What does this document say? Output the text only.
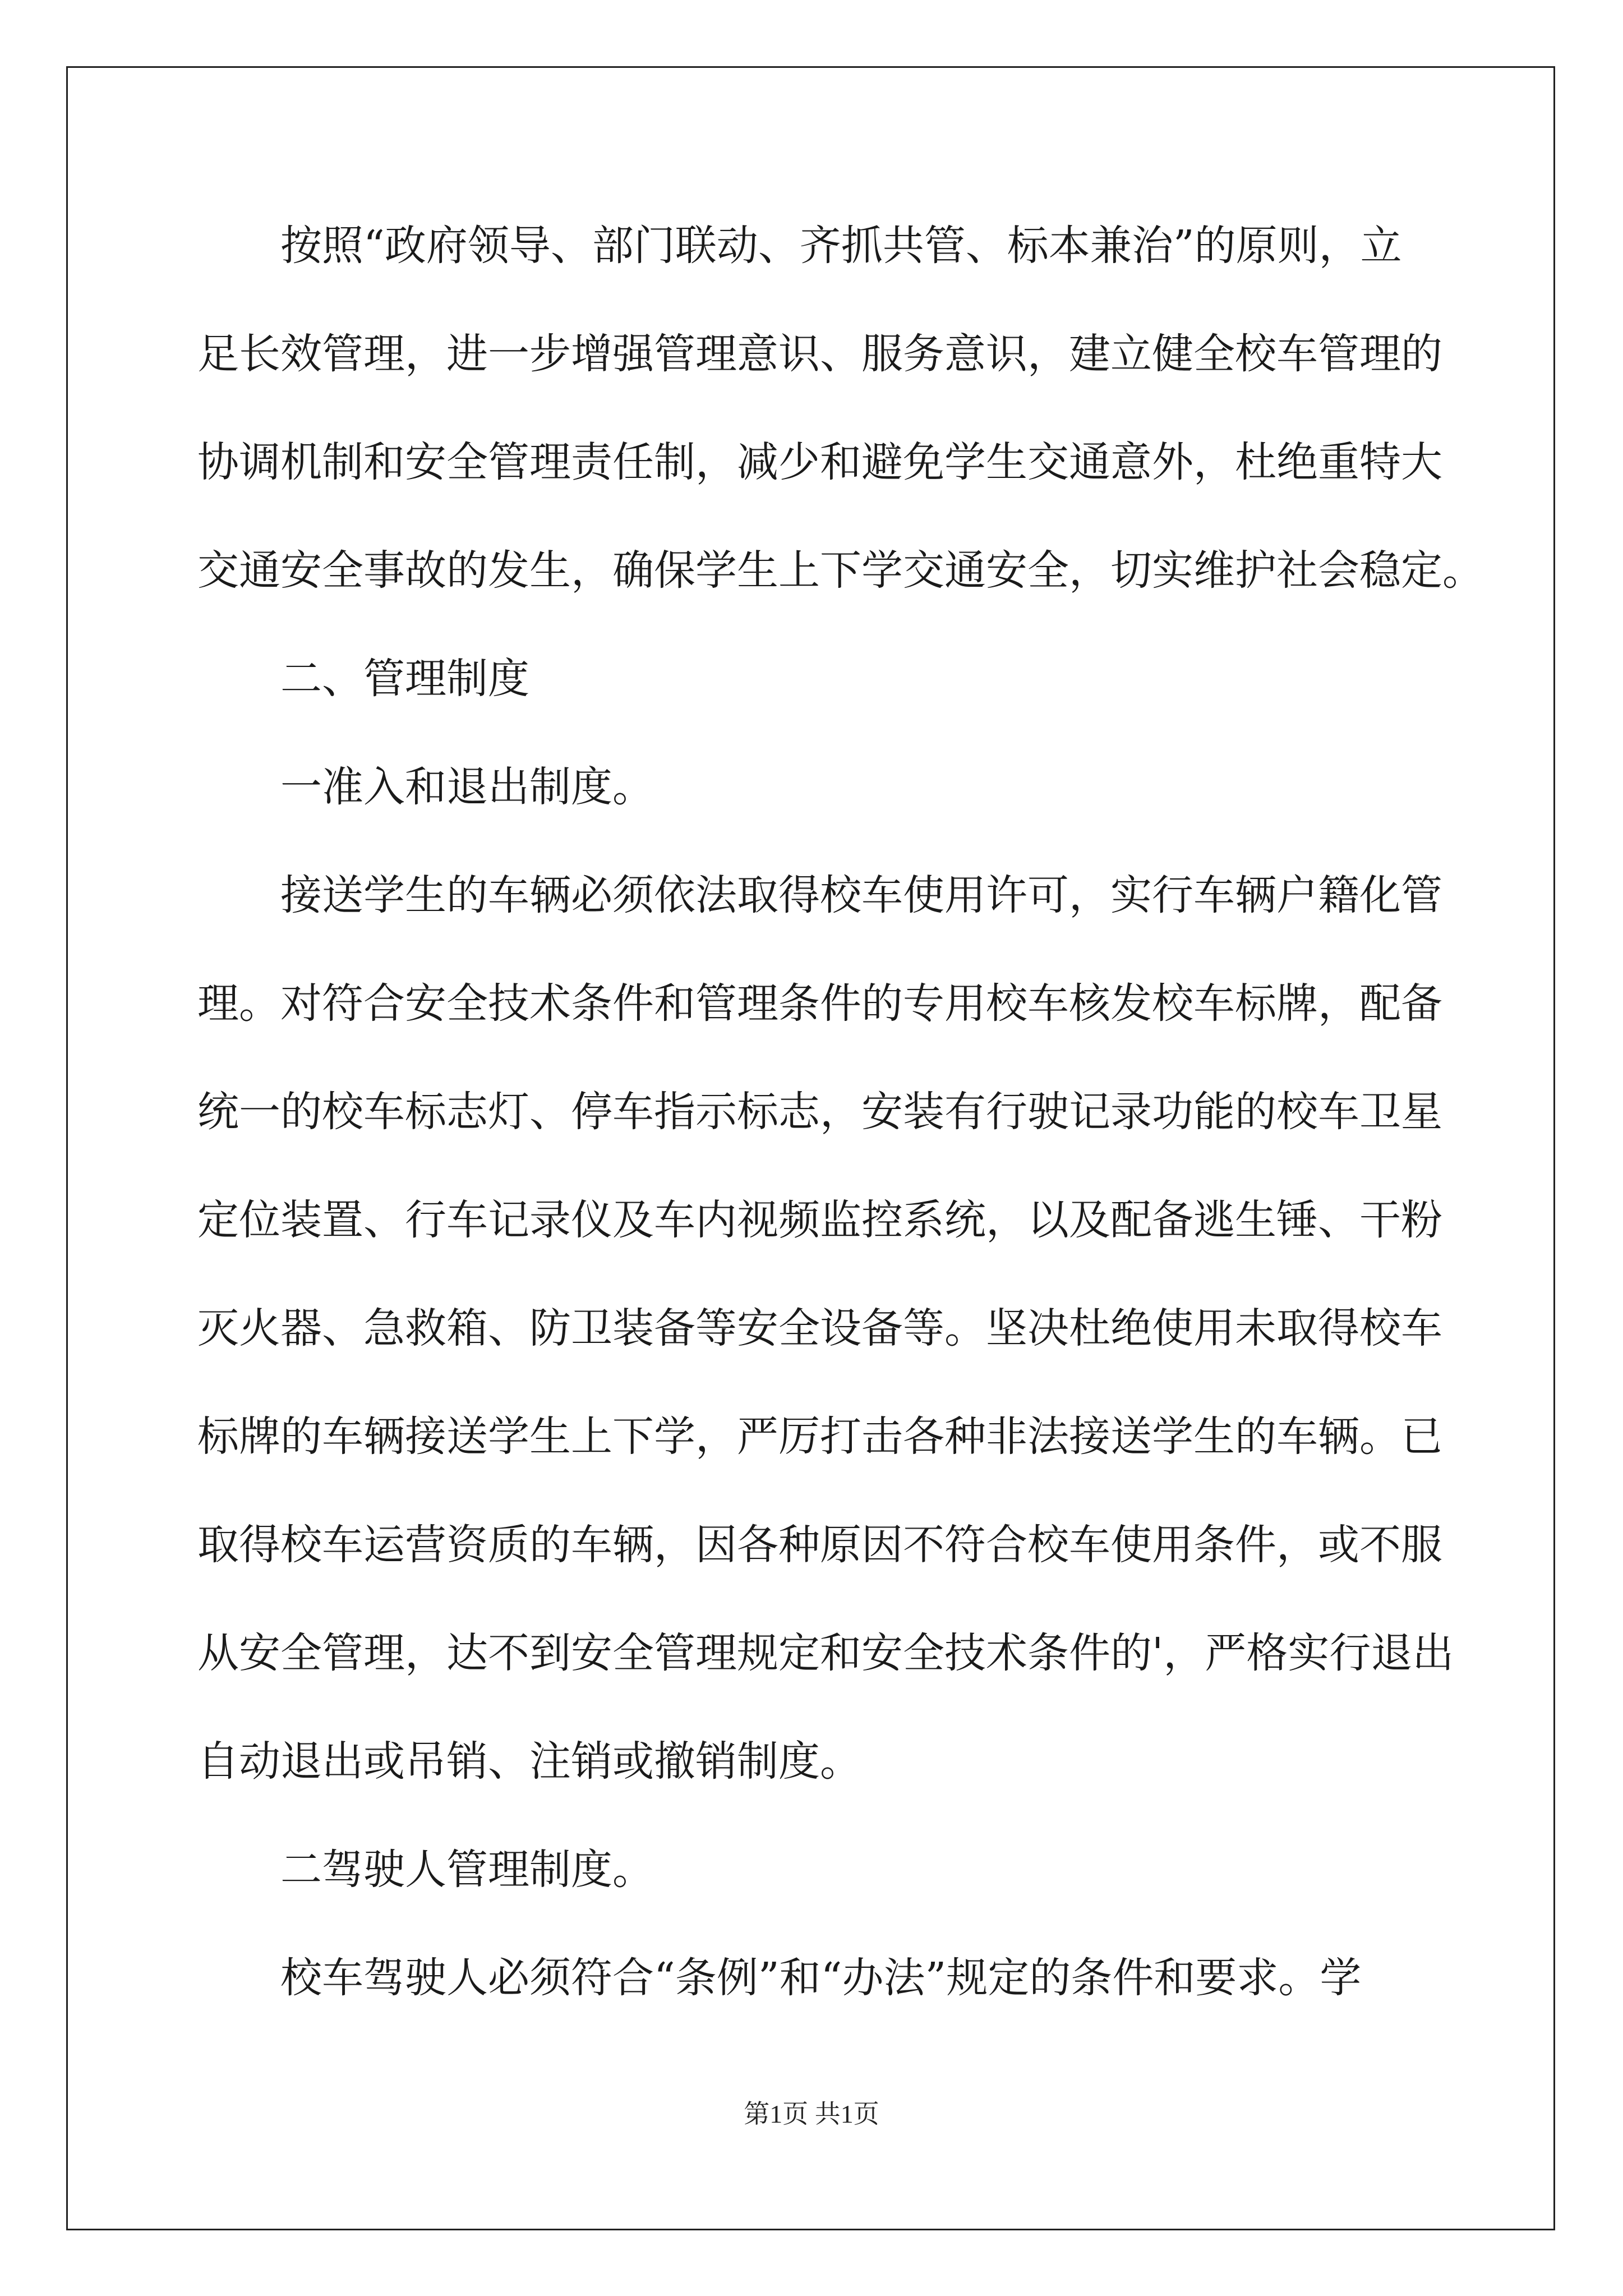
按照“政府领导、部门联动、齐抓共管、标本兼治”的原则，立
足长效管理，进一步增强管理意识、服务意识，建立健全校车管理的
协调机制和安全管理责任制，减少和避免学生交通意外，杜绝重特大
交通安全事故的发生，确保学生上下学交通安全，切实维护社会稳定。
二、管理制度
一准入和退出制度。
接送学生的车辆必须依法取得校车使用许可，实行车辆户籍化管
理。对符合安全技术条件和管理条件的专用校车核发校车标牌，配备
统一的校车标志灯、停车指示标志，安装有行驶记录功能的校车卫星
定位装置、行车记录仪及车内视频监控系统，以及配备逃生锤、干粉
灭火器、急救箱、防卫装备等安全设备等。坚决杜绝使用未取得校车
标牌的车辆接送学生上下学，严厉打击各种非法接送学生的车辆。已
取得校车运营资质的车辆，因各种原因不符合校车使用条件，或不服
从安全管理，达不到安全管理规定和安全技术条件的'，严格实行退出
自动退出或吊销、注销或撤销制度。
二驾驶人管理制度。
校车驾驶人必须符合“条例”和“办法”规定的条件和要求。学
第1页 共1页
